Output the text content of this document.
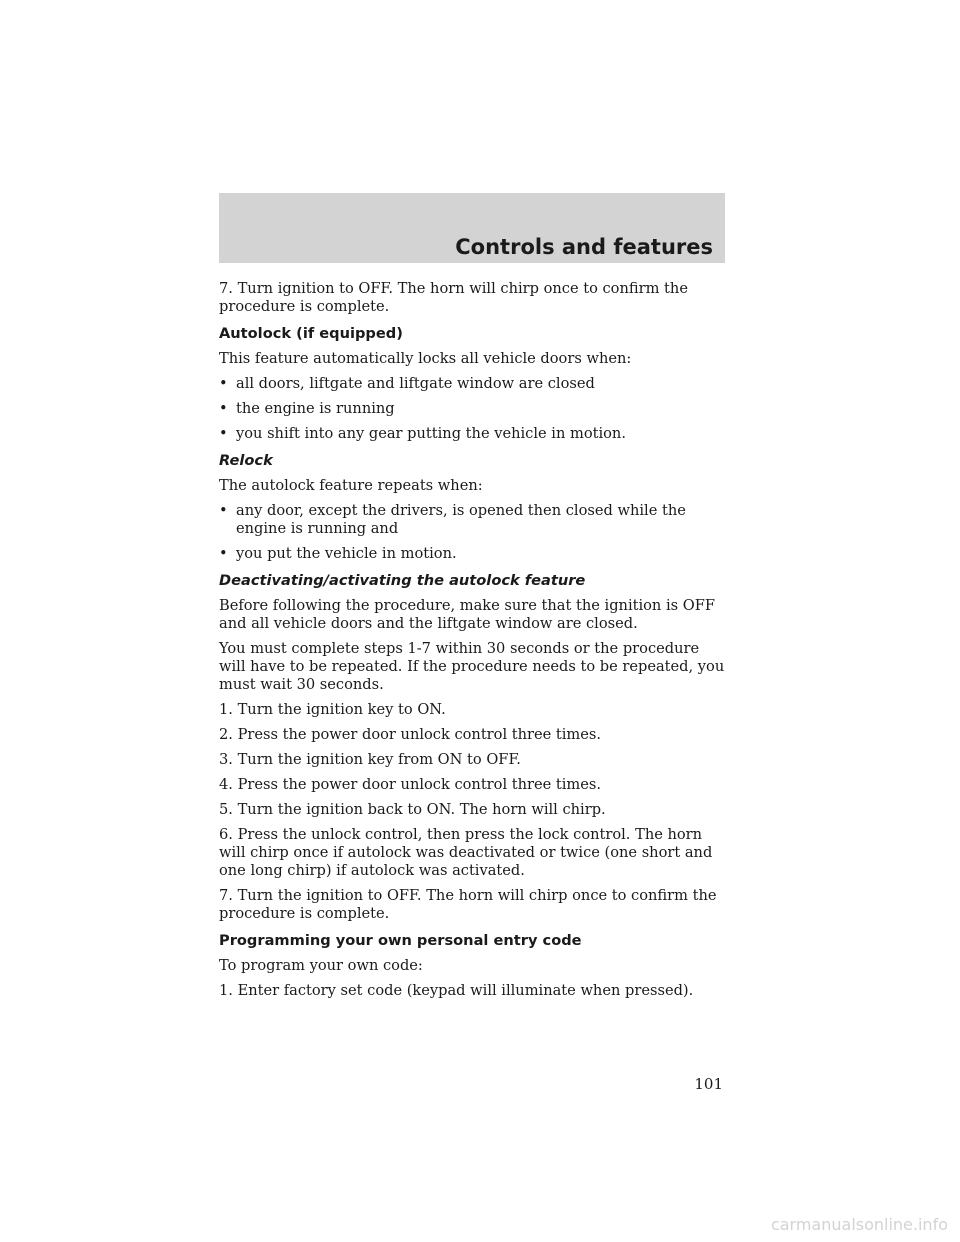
Controls and features

7. Turn ignition to OFF. The horn will chirp once to confirm the procedure is complete.

Autolock (if equipped)

This feature automatically locks all vehicle doors when:

• all doors, liftgate and liftgate window are closed
• the engine is running
• you shift into any gear putting the vehicle in motion.
Relock

The autolock feature repeats when:

• any door, except the drivers, is opened then closed while the engine is running and
• you put the vehicle in motion.
Deactivating/activating the autolock feature

Before following the procedure, make sure that the ignition is OFF and all vehicle doors and the liftgate window are closed.

You must complete steps 1-7 within 30 seconds or the procedure will have to be repeated. If the procedure needs to be repeated, you must wait 30 seconds.

1. Turn the ignition key to ON.

2. Press the power door unlock control three times.

3. Turn the ignition key from ON to OFF.

4. Press the power door unlock control three times.

5. Turn the ignition back to ON. The horn will chirp.

6. Press the unlock control, then press the lock control. The horn will chirp once if autolock was deactivated or twice (one short and one long chirp) if autolock was activated.

7. Turn the ignition to OFF. The horn will chirp once to confirm the procedure is complete.

Programming your own personal entry code

To program your own code:

1. Enter factory set code (keypad will illuminate when pressed).

101
carmanualsonline.info
